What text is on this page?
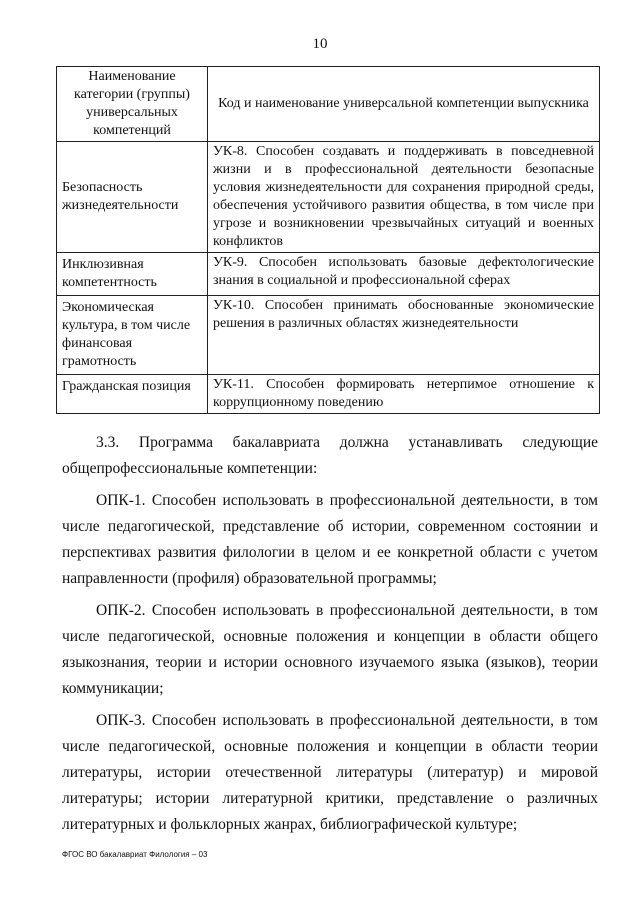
10
Наименование категории (группы) универсальных компетенций	Код и наименование универсальной компетенции выпускника
Безопасность жизнедеятельности	УК-8. Способен создавать и поддерживать в повседневной жизни и в профессиональной деятельности безопасные условия жизнедеятельности для сохранения природной среды, обеспечения устойчивого развития общества, в том числе при угрозе и возникновении чрезвычайных ситуаций и военных конфликтов
Инклюзивная компетентность	УК-9. Способен использовать базовые дефектологические знания в социальной и профессиональной сферах
Экономическая культура, в том числе финансовая грамотность	УК-10. Способен принимать обоснованные экономические решения в различных областях жизнедеятельности
Гражданская позиция	УК-11. Способен формировать нетерпимое отношение к коррупционному поведению

3.3. Программа бакалавриата должна устанавливать следующие общепрофессиональные компетенции:

ОПК-1. Способен использовать в профессиональной деятельности, в том числе педагогической, представление об истории, современном состоянии и перспективах развития филологии в целом и ее конкретной области с учетом направленности (профиля) образовательной программы;

ОПК-2. Способен использовать в профессиональной деятельности, в том числе педагогической, основные положения и концепции в области общего языкознания, теории и истории основного изучаемого языка (языков), теории коммуникации;

ОПК-3. Способен использовать в профессиональной деятельности, в том числе педагогической, основные положения и концепции в области теории литературы, истории отечественной литературы (литератур) и мировой литературы; истории литературной критики, представление о различных литературных и фольклорных жанрах, библиографической культуре;

ФГОС ВО бакалавриат Филология – 03
